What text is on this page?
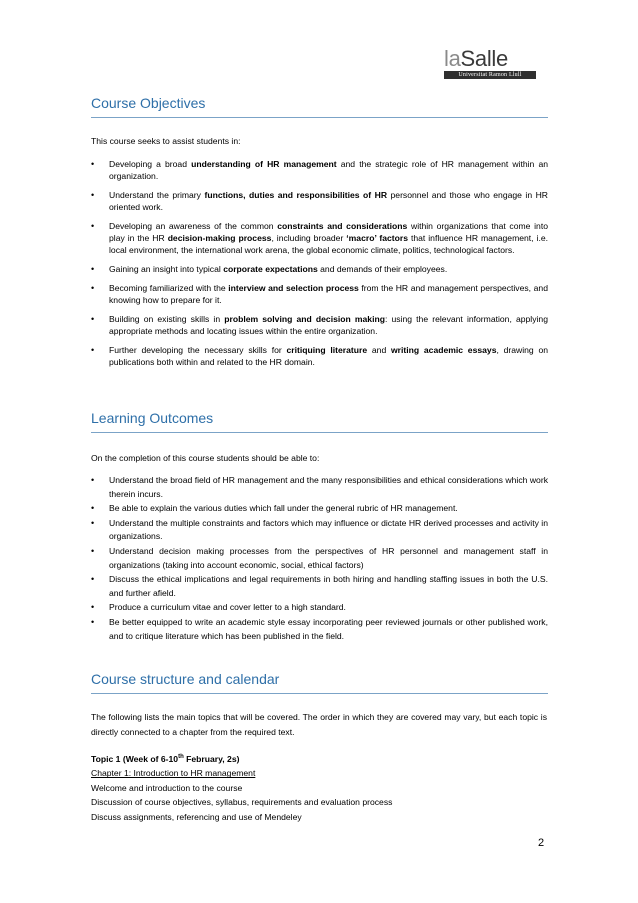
laSalle
Universitat Ramon Llull
Course Objectives
This course seeks to assist students in:
• Developing a broad understanding of HR management and the strategic role of HR management within an organization.
• Understand the primary functions, duties and responsibilities of HR personnel and those who engage in HR oriented work.
• Developing an awareness of the common constraints and considerations within organizations that come into play in the HR decision-making process, including broader ‘macro’ factors that influence HR management, i.e. local environment, the international work arena, the global economic climate, politics, technological factors.
• Gaining an insight into typical corporate expectations and demands of their employees.
• Becoming familiarized with the interview and selection process from the HR and management perspectives, and knowing how to prepare for it.
• Building on existing skills in problem solving and decision making: using the relevant information, applying appropriate methods and locating issues within the entire organization.
• Further developing the necessary skills for critiquing literature and writing academic essays, drawing on publications both within and related to the HR domain.
Learning Outcomes
On the completion of this course students should be able to:
• Understand the broad field of HR management and the many responsibilities and ethical considerations which work therein incurs.
• Be able to explain the various duties which fall under the general rubric of HR management.
• Understand the multiple constraints and factors which may influence or dictate HR derived processes and activity in organizations.
• Understand decision making processes from the perspectives of HR personnel and management staff in organizations (taking into account economic, social, ethical factors)
• Discuss the ethical implications and legal requirements in both hiring and handling staffing issues in both the U.S. and further afield.
• Produce a curriculum vitae and cover letter to a high standard.
• Be better equipped to write an academic style essay incorporating peer reviewed journals or other published work, and to critique literature which has been published in the field.
Course structure and calendar
The following lists the main topics that will be covered. The order in which they are covered may vary, but each topic is directly connected to a chapter from the required text.
Topic 1 (Week of 6-10th February, 2s)
Chapter 1: Introduction to HR management
Welcome and introduction to the course
Discussion of course objectives, syllabus, requirements and evaluation process
Discuss assignments, referencing and use of Mendeley
2
